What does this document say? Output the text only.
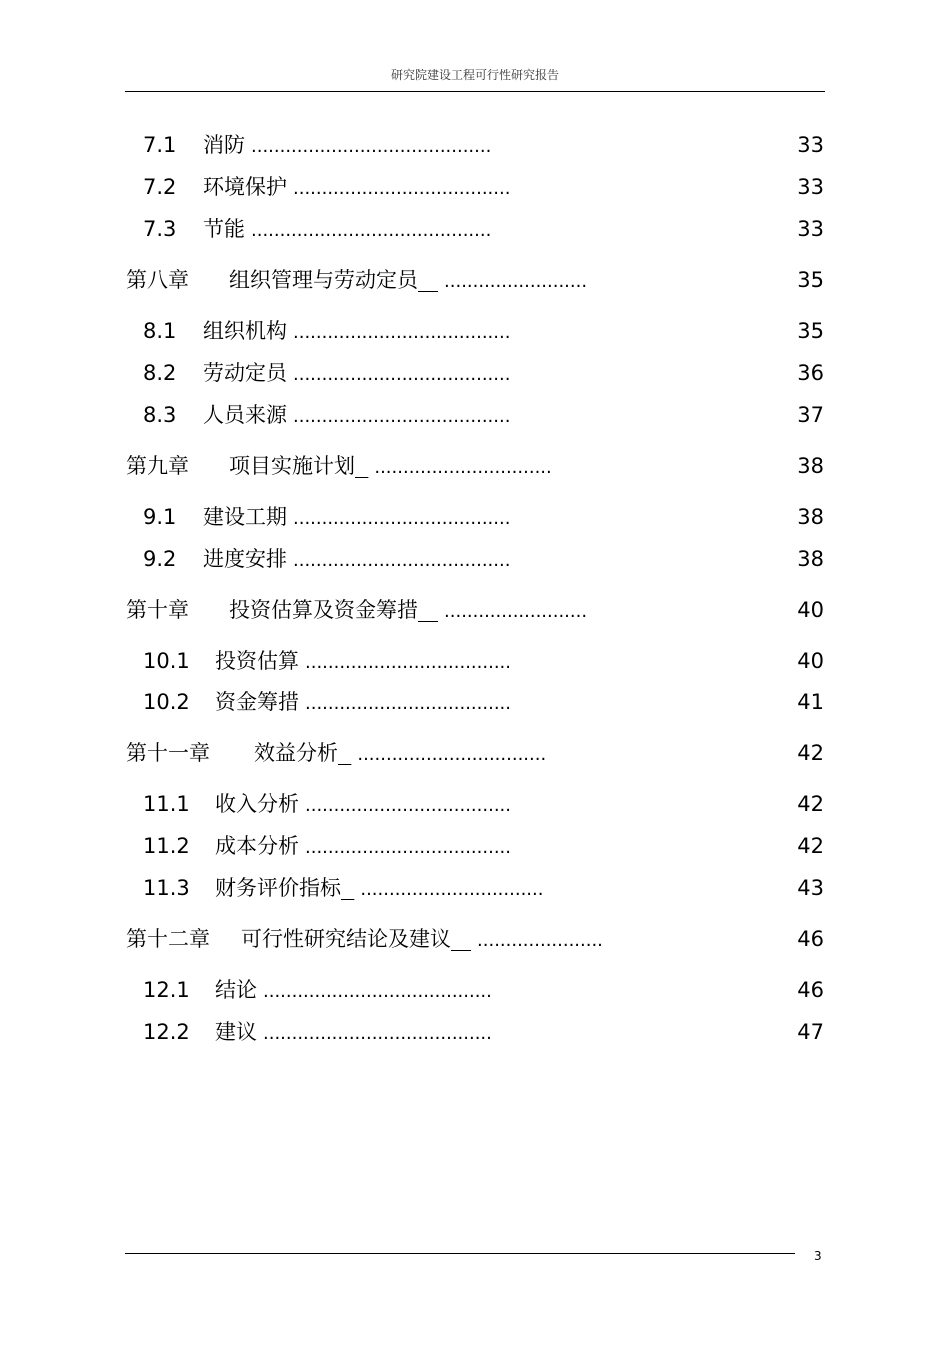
研究院建设工程可行性研究报告
7.1 消防 ..........................................	33
7.2 环境保护 ......................................	33
7.3 节能 ..........................................	33
第八章 组织管理与劳动定员 .........................	35
8.1 组织机构 ......................................	35
8.2 劳动定员 ......................................	36
8.3 人员来源 ......................................	37
第九章 项目实施计划 ...............................	38
9.1 建设工期 ......................................	38
9.2 进度安排 ......................................	38
第十章 投资估算及资金筹措 .........................	40
10.1 投资估算 ....................................	40
10.2 资金筹措 ....................................	41
第十一章 效益分析 .................................	42
11.1 收入分析 ....................................	42
11.2 成本分析 ....................................	42
11.3 财务评价指标 ................................	43
第十二章 可行性研究结论及建议 ......................	46
12.1 结论 ........................................	46
12.2 建议 ........................................	47
3
